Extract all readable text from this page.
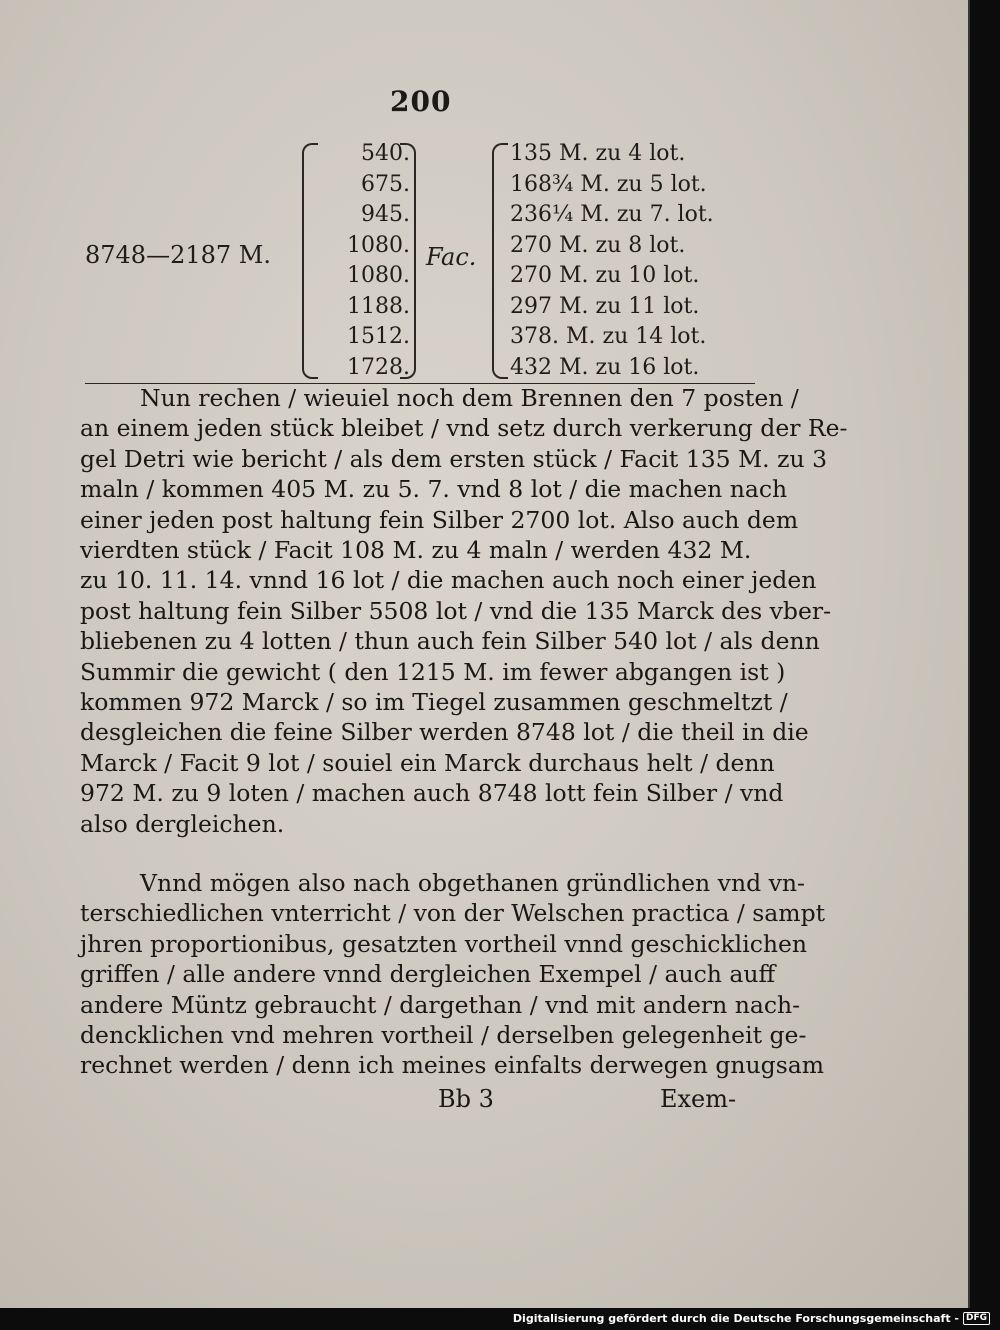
200
8748—2187 M.
540.
675.
945.
1080.
1080.
1188.
1512.
1728.
Fac.
135 M. zu 4 lot.
168¾ M. zu 5 lot.
236¼ M. zu 7. lot.
270 M. zu 8 lot.
270 M. zu 10 lot.
297 M. zu 11 lot.
378. M. zu 14 lot.
432 M. zu 16 lot.

Nun rechen / wieuiel noch dem Brennen den 7 posten /
an einem jeden stück bleibet / vnd setz durch verkerung der Re-
gel Detri wie bericht / als dem ersten stück / Facit 135 M. zu 3
maln / kommen 405 M. zu 5. 7. vnd 8 lot / die machen nach
einer jeden post haltung fein Silber 2700 lot. Also auch dem
vierdten stück / Facit 108 M. zu 4 maln / werden 432 M.
zu 10. 11. 14. vnnd 16 lot / die machen auch noch einer jeden
post haltung fein Silber 5508 lot / vnd die 135 Marck des vber-
bliebenen zu 4 lotten / thun auch fein Silber 540 lot / als denn
Summir die gewicht ( den 1215 M. im fewer abgangen ist )
kommen 972 Marck / so im Tiegel zusammen geschmeltzt /
desgleichen die feine Silber werden 8748 lot / die theil in die
Marck / Facit 9 lot / souiel ein Marck durchaus helt / denn
972 M. zu 9 loten / machen auch 8748 lott fein Silber / vnd
also dergleichen.

Vnnd mögen also nach obgethanen gründlichen vnd vn-
terschiedlichen vnterricht / von der Welschen practica / sampt
jhren proportionibus, gesatzten vortheil vnnd geschicklichen
griffen / alle andere vnnd dergleichen Exempel / auch auff
andere Müntz gebraucht / dargethan / vnd mit andern nach-
dencklichen vnd mehren vortheil / derselben gelegenheit ge-
rechnet werden / denn ich meines einfalts derwegen gnugsam

Bb 3	Exem-
Digitalisierung gefördert durch die Deutsche Forschungsgemeinschaft - DFG
